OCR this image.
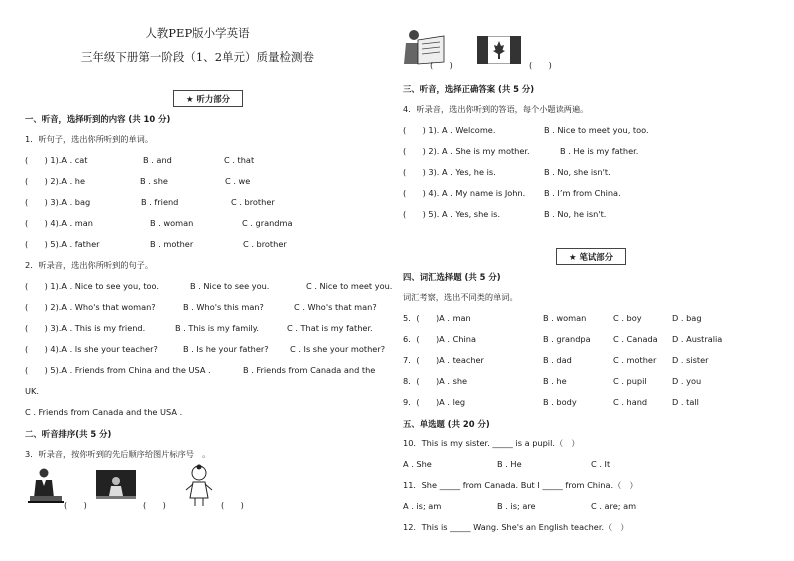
人教PEP版小学英语
三年级下册第一阶段（1、2单元）质量检测卷
★ 听力部分
一、听音，选择听到的内容 (共 10 分)
1．听句子，选出你所听到的单词。
(　　) 1).A . cat	B . and	C . that
(　　) 2).A . he	B . she	C . we
(　　) 3).A . bag	B . friend	C . brother
(　　) 4).A . man	B . woman	C . grandma
(　　) 5).A . father	B . mother	C . brother
2．听录音，选出你所听到的句子。
(　　) 1).A . Nice to see you, too.	B . Nice to see you.	C . Nice to meet you.
(　　) 2).A . Who's that woman?	B . Who's this man?	C . Who's that man?
(　　) 3).A . This is my friend.	B . This is my family.	C . That is my father.
(　　) 4).A . Is she your teacher?	B . Is he your father?	C . Is she your mother?
(　　) 5).A . Friends from China and the USA .	B . Friends from Canada and the
UK.
C . Friends from Canada and the USA .
二、听音排序(共 5 分)
3．听录音，按你听到的先后顺序给图片标序号　。
(　　)	(　　)	(　　)
(　　)	(　　)
三、听音，选择正确答案 (共 5 分)
4．听录音，选出你听到的答语，每个小题读两遍。
(　　) 1). A . Welcome.	B . Nice to meet you, too.
(　　) 2). A . She is my mother.	B . He is my father.
(　　) 3). A . Yes, he is.	B . No, she isn't.
(　　) 4). A . My name is John. B . I’m from China.
(　　) 5). A . Yes, she is.	B . No, he isn't.
★ 笔试部分
四、词汇选择题 (共 5 分)
词汇考察，选出不同类的单词。
5．(　　)A . man	B . woman	C . boy	D . bag
6．(　　)A . China	B . grandpa	C . Canada D . Australia
7．(　　)A . teacher	B . dad	C . mother D . sister
8．(　　)A . she	B . he	C . pupil	D . you
9．(　　)A . leg	B . body	C . hand	D . tall
五、单选题 (共 20 分)
10．This is my sister. _____ is a pupil.（　）
A . She	B . He	C . It
11．She _____ from Canada. But I _____ from China.（　）
A . is; am	B . is; are	C . are; am
12．This is _____ Wang. She's an English teacher.（　）
